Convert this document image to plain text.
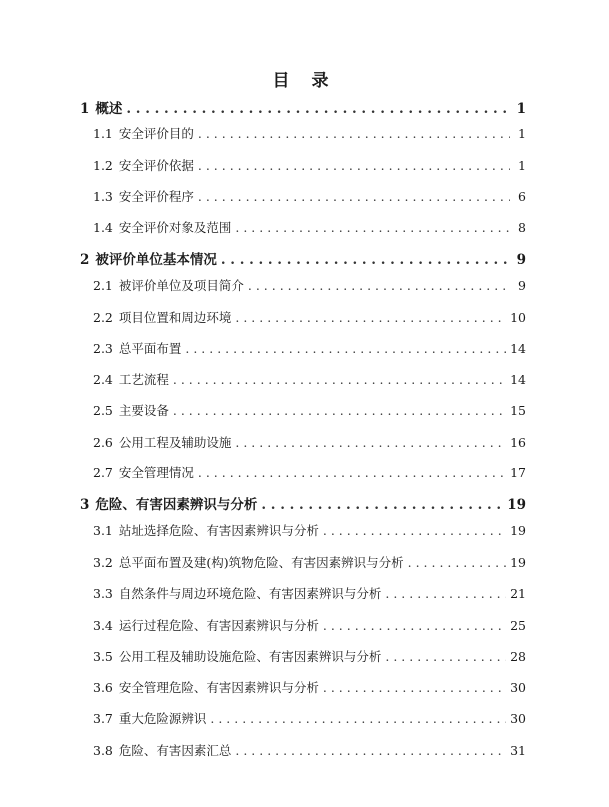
目 录
1 概述 . . .	1
1.1 安全评价目的 . . .	1
1.2 安全评价依据 . . .	1
1.3 安全评价程序 . . .	6
1.4 安全评价对象及范围 . . .	8
2 被评价单位基本情况 . . .	9
2.1 被评价单位及项目简介 . . .	9
2.2 项目位置和周边环境 . . .	10
2.3 总平面布置 . . .	14
2.4 工艺流程 . . .	14
2.5 主要设备 . . .	15
2.6 公用工程及辅助设施 . . .	16
2.7 安全管理情况 . . .	17
3 危险、有害因素辨识与分析 . . .	19
3.1 站址选择危险、有害因素辨识与分析 . . .	19
3.2 总平面布置及建(构)筑物危险、有害因素辨识与分析 . . .	19
3.3 自然条件与周边环境危险、有害因素辨识与分析 . . .	21
3.4 运行过程危险、有害因素辨识与分析 . . .	25
3.5 公用工程及辅助设施危险、有害因素辨识与分析 . . .	28
3.6 安全管理危险、有害因素辨识与分析 . . .	30
3.7 重大危险源辨识 . . .	30
3.8 危险、有害因素汇总 . . .	31
